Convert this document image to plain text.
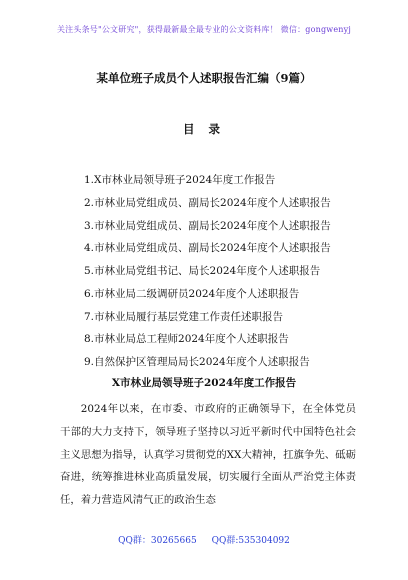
关注头条号"公文研究"，获得最新最全最专业的公文资料库！ 微信：gongwenyj
某单位班子成员个人述职报告汇编（9篇）
目 录
1.X市林业局领导班子2024年度工作报告
2.市林业局党组成员、副局长2024年度个人述职报告
3.市林业局党组成员、副局长2024年度个人述职报告
4.市林业局党组成员、副局长2024年度个人述职报告
5.市林业局党组书记、局长2024年度个人述职报告
6.市林业局二级调研员2024年度个人述职报告
7.市林业局履行基层党建工作责任述职报告
8.市林业局总工程师2024年度个人述职报告
9.自然保护区管理局局长2024年度个人述职报告
X市林业局领导班子2024年度工作报告

2024年以来，在市委、市政府的正确领导下，在全体党员干部的大力支持下，领导班子坚持以习近平新时代中国特色社会主义思想为指导，认真学习贯彻党的XX大精神，扛旗争先、砥砺奋进，统筹推进林业高质量发展，切实履行全面从严治党主体责任，着力营造风清气正的政治生态

QQ群：30265665 QQ群:535304092
